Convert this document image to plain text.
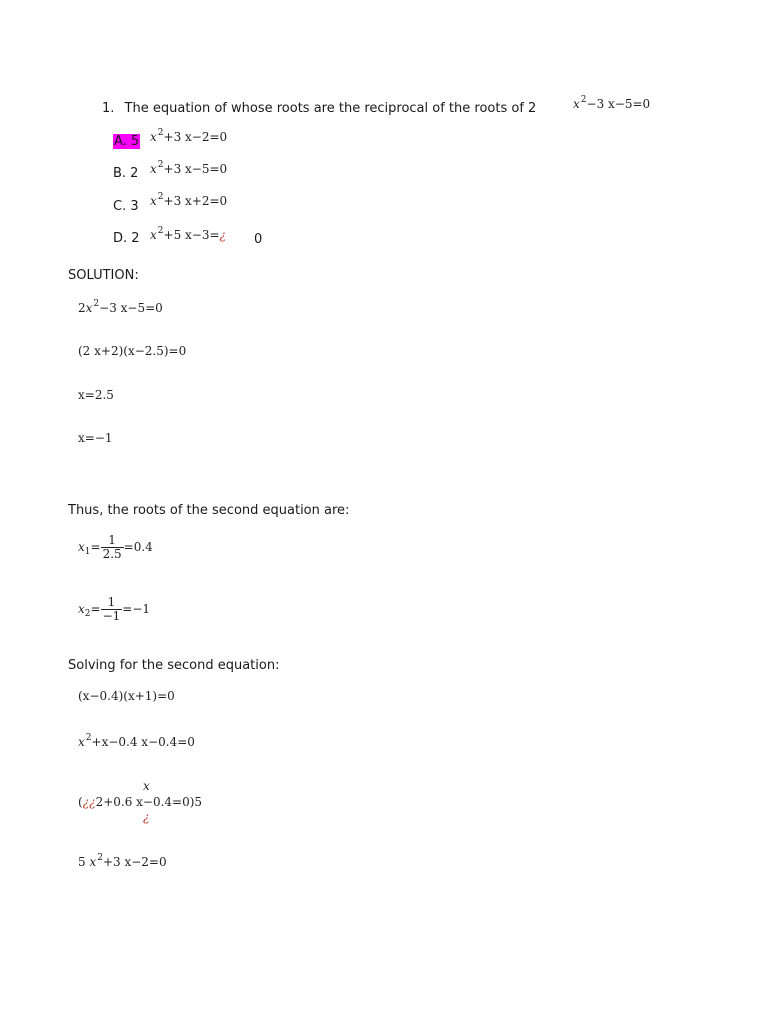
1. The equation of whose roots are the reciprocal of the roots of 2	$x^2-3$ x−5=0
A. 5 $x^2+3$ x−2=0
B. 2 $x^2+3$ x−5=0
C. 3 $x^2+3$ x+2=0
D. 2 $x^2+5$ x−3=¿ 0
SOLUTION:
$2x^2-3$ x−5=0
(2 x+2)(x−2.5)=0
x=2.5
x=−1
Thus, the roots of the second equation are:
$x_1= \frac{1}{2.5} =0.4$
$x_2= \frac{1}{-1} =-1$
Solving for the second equation:
(x−0.4)(x+1)=0
$x^2+x-0.4$ x−0.4=0
x
(¿¿2+0.6 x−0.4=0)5
¿
5 $x^2+3$ x−2=0
